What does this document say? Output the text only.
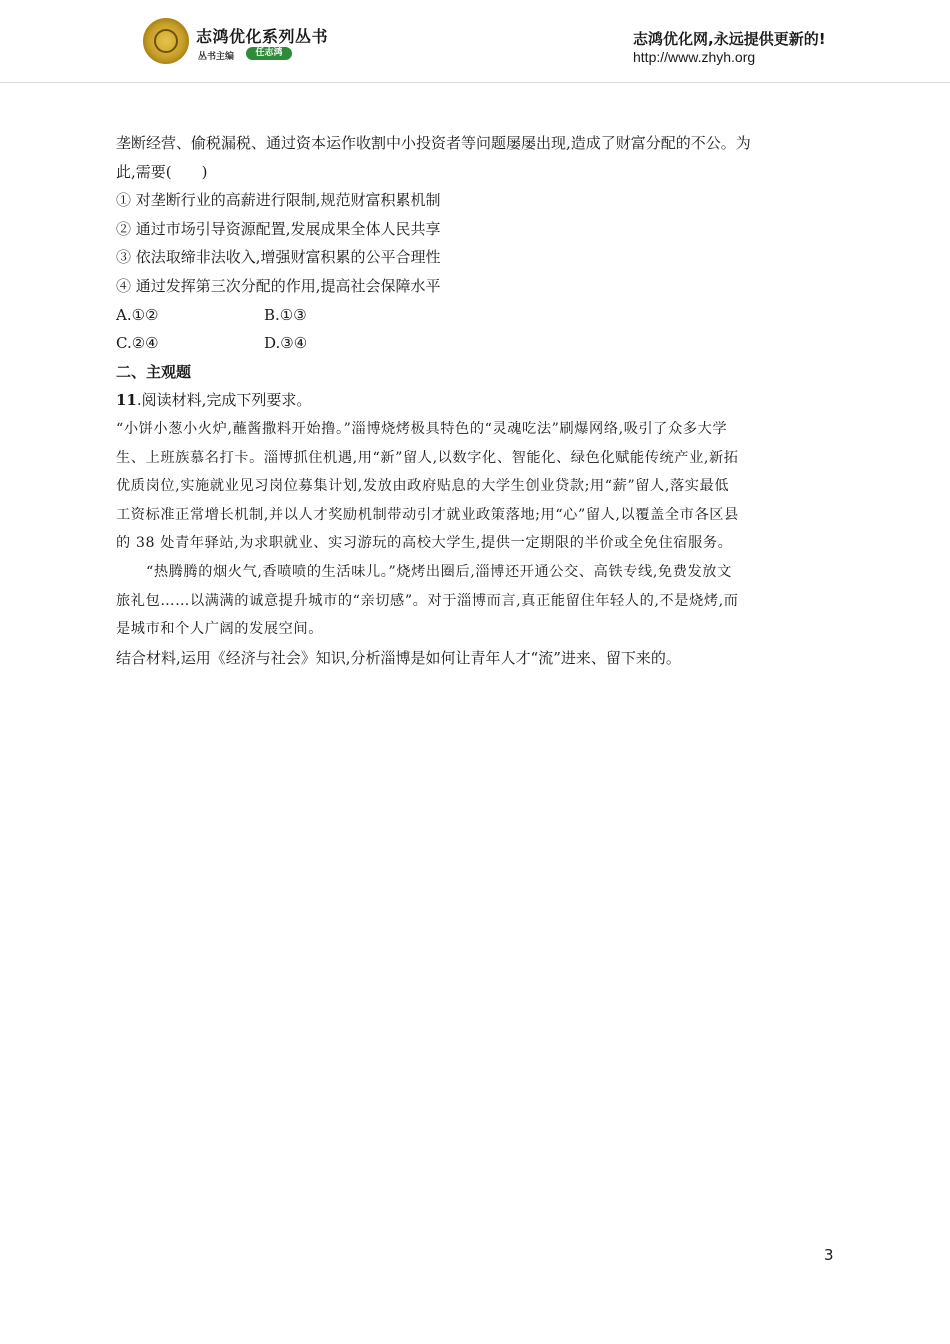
志鸿优化系列丛书
丛书主编	任志鸿
志鸿优化网,永远提供更新的!
http://www.zhyh.org
垄断经营、偷税漏税、通过资本运作收割中小投资者等问题屡屡出现,造成了财富分配的不公。为
此,需要(　　)
① 对垄断行业的高薪进行限制,规范财富积累机制
② 通过市场引导资源配置,发展成果全体人民共享
③ 依法取缔非法收入,增强财富积累的公平合理性
④ 通过发挥第三次分配的作用,提高社会保障水平
A.①②	B.①③
C.②④	D.③④
二、主观题
11.阅读材料,完成下列要求。
“小饼小葱小火炉,蘸酱撒料开始撸。”淄博烧烤极具特色的“灵魂吃法”刷爆网络,吸引了众多大学
生、上班族慕名打卡。淄博抓住机遇,用“新”留人,以数字化、智能化、绿色化赋能传统产业,新拓
优质岗位,实施就业见习岗位募集计划,发放由政府贴息的大学生创业贷款;用“薪”留人,落实最低
工资标准正常增长机制,并以人才奖励机制带动引才就业政策落地;用“心”留人,以覆盖全市各区县
的 38 处青年驿站,为求职就业、实习游玩的高校大学生,提供一定期限的半价或全免住宿服务。
“热腾腾的烟火气,香喷喷的生活味儿。”烧烤出圈后,淄博还开通公交、高铁专线,免费发放文
旅礼包……以满满的诚意提升城市的“亲切感”。对于淄博而言,真正能留住年轻人的,不是烧烤,而
是城市和个人广阔的发展空间。
结合材料,运用《经济与社会》知识,分析淄博是如何让青年人才“流”进来、留下来的。
3
